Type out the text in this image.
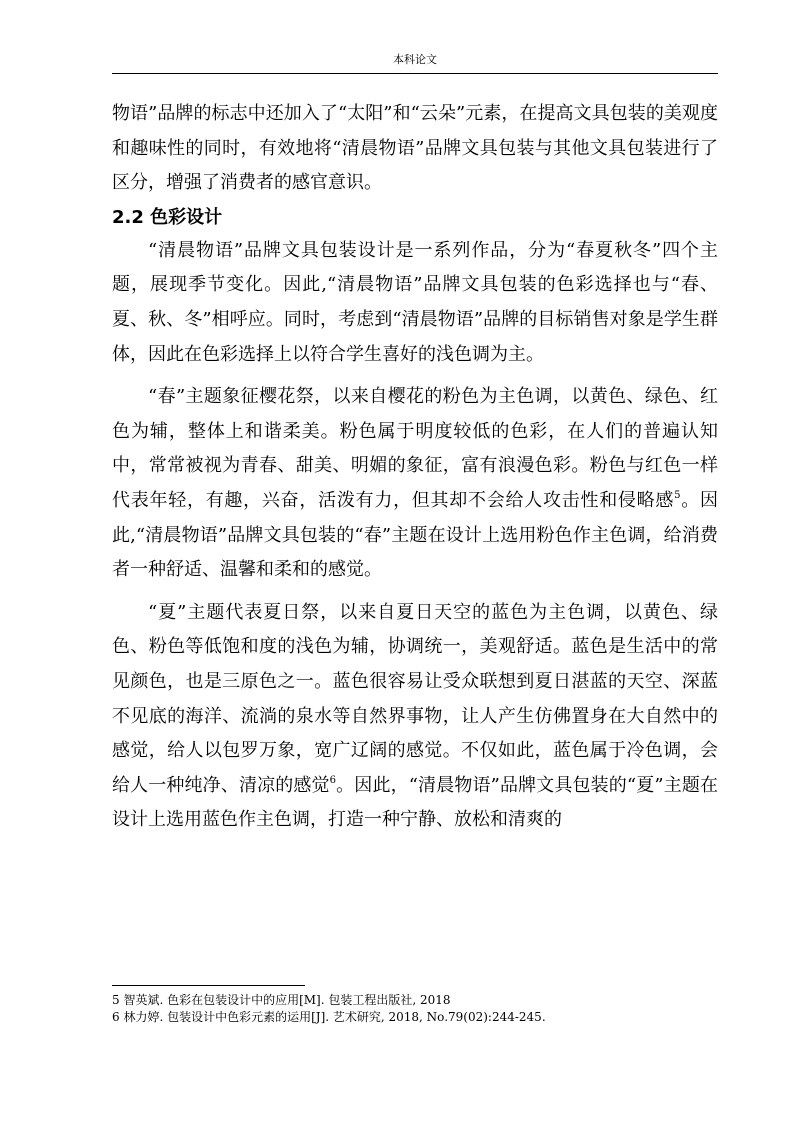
本科论文

物语”品牌的标志中还加入了“太阳”和“云朵”元素，在提高文具包装的美观度和趣味性的同时，有效地将“清晨物语”品牌文具包装与其他文具包装进行了区分，增强了消费者的感官意识。

2.2 色彩设计

“清晨物语”品牌文具包装设计是一系列作品，分为“春夏秋冬”四个主题，展现季节变化。因此,“清晨物语”品牌文具包装的色彩选择也与“春、夏、秋、冬”相呼应。同时，考虑到“清晨物语”品牌的目标销售对象是学生群体，因此在色彩选择上以符合学生喜好的浅色调为主。

“春”主题象征樱花祭，以来自樱花的粉色为主色调，以黄色、绿色、红色为辅，整体上和谐柔美。粉色属于明度较低的色彩，在人们的普遍认知中，常常被视为青春、甜美、明媚的象征，富有浪漫色彩。粉色与红色一样代表年轻，有趣，兴奋，活泼有力，但其却不会给人攻击性和侵略感$^5$。因此,“清晨物语”品牌文具包装的“春”主题在设计上选用粉色作主色调，给消费者一种舒适、温馨和柔和的感觉。

“夏”主题代表夏日祭，以来自夏日天空的蓝色为主色调，以黄色、绿色、粉色等低饱和度的浅色为辅，协调统一，美观舒适。蓝色是生活中的常见颜色，也是三原色之一。蓝色很容易让受众联想到夏日湛蓝的天空、深蓝不见底的海洋、流淌的泉水等自然界事物，让人产生仿佛置身在大自然中的感觉，给人以包罗万象，宽广辽阔的感觉。不仅如此，蓝色属于冷色调，会给人一种纯净、清凉的感觉$^6$。因此，“清晨物语”品牌文具包装的“夏”主题在设计上选用蓝色作主色调，打造一种宁静、放松和清爽的

5 智英斌. 色彩在包装设计中的应用[M]. 包装工程出版社, 2018

6 林力婷. 包装设计中色彩元素的运用[J]. 艺术研究, 2018, No.79(02):244-245.
